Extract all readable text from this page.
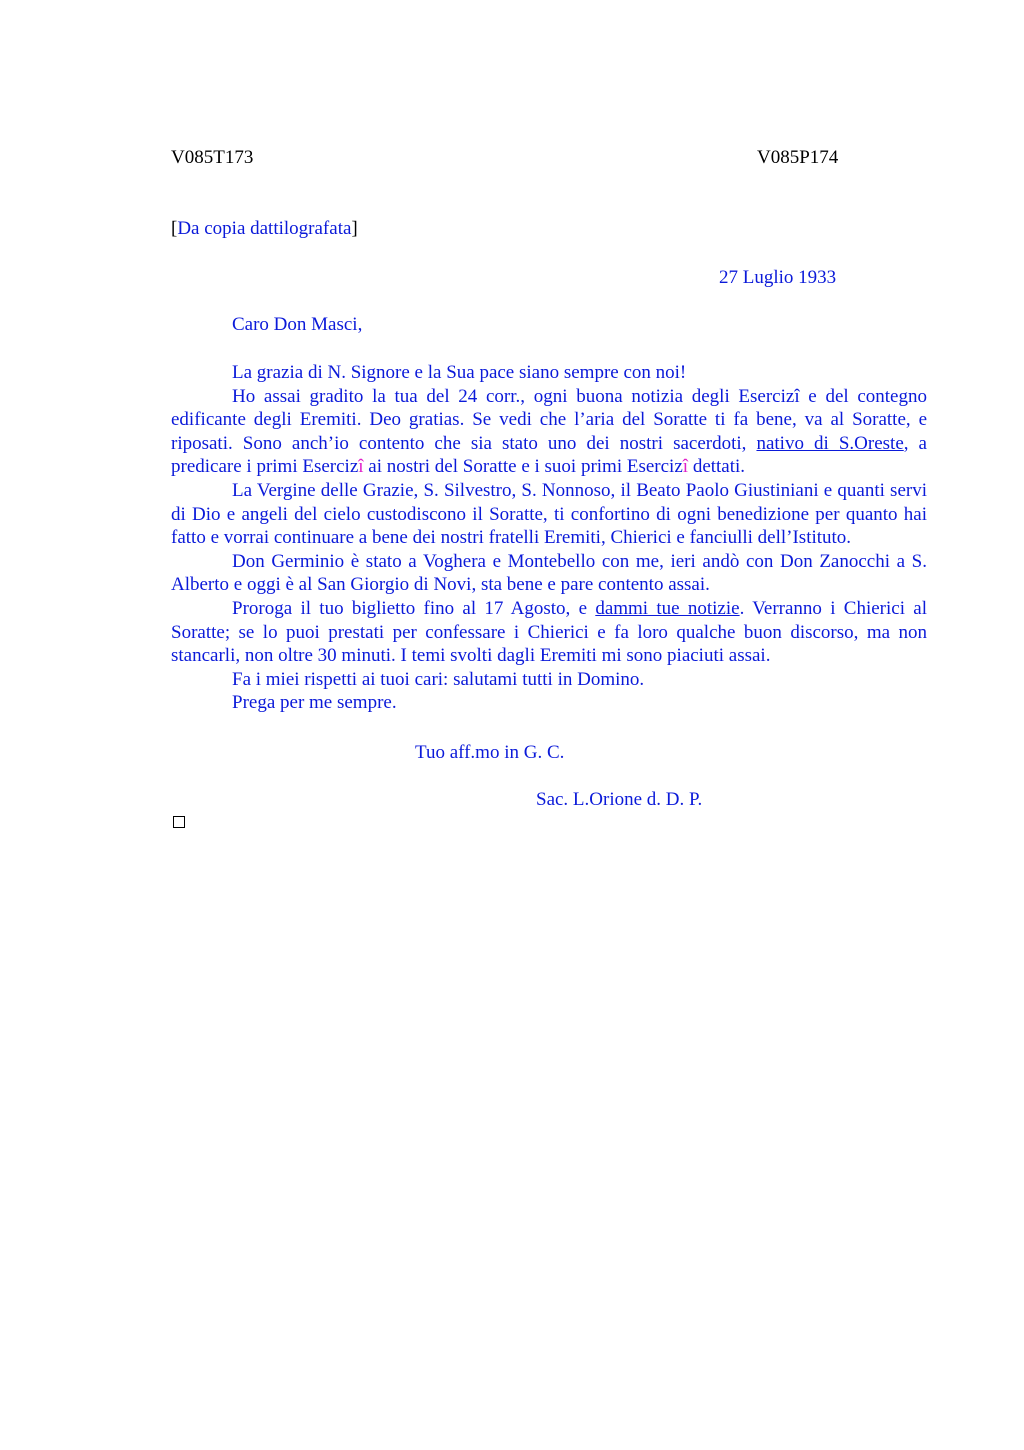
V085T173	V085P174
[Da copia dattilografata]
27 Luglio 1933
Caro Don Masci,

La grazia di N. Signore e la Sua pace siano sempre con noi!

Ho assai gradito la tua del 24 corr., ogni buona notizia degli Esercizî e del contegno edificante degli Eremiti. Deo gratias. Se vedi che l’aria del Soratte ti fa bene, va al Soratte, e riposati. Sono anch’io contento che sia stato uno dei nostri sacerdoti, nativo di S.Oreste, a predicare i primi Esercizî ai nostri del Soratte e i suoi primi Esercizî dettati.

La Vergine delle Grazie, S. Silvestro, S. Nonnoso, il Beato Paolo Giustiniani e quanti servi di Dio e angeli del cielo custodiscono il Soratte, ti confortino di ogni benedizione per quanto hai fatto e vorrai continuare a bene dei nostri fratelli Eremiti, Chierici e fanciulli dell’Istituto.

Don Germinio è stato a Voghera e Montebello con me, ieri andò con Don Zanocchi a S. Alberto e oggi è al San Giorgio di Novi, sta bene e pare contento assai.

Proroga il tuo biglietto fino al 17 Agosto, e dammi tue notizie. Verranno i Chierici al Soratte; se lo puoi prestati per confessare i Chierici e fa loro qualche buon discorso, ma non stancarli, non oltre 30 minuti. I temi svolti dagli Eremiti mi sono piaciuti assai.

Fa i miei rispetti ai tuoi cari: salutami tutti in Domino.

Prega per me sempre.

Tuo aff.mo in G. C.
Sac. L.Orione d. D. P.
